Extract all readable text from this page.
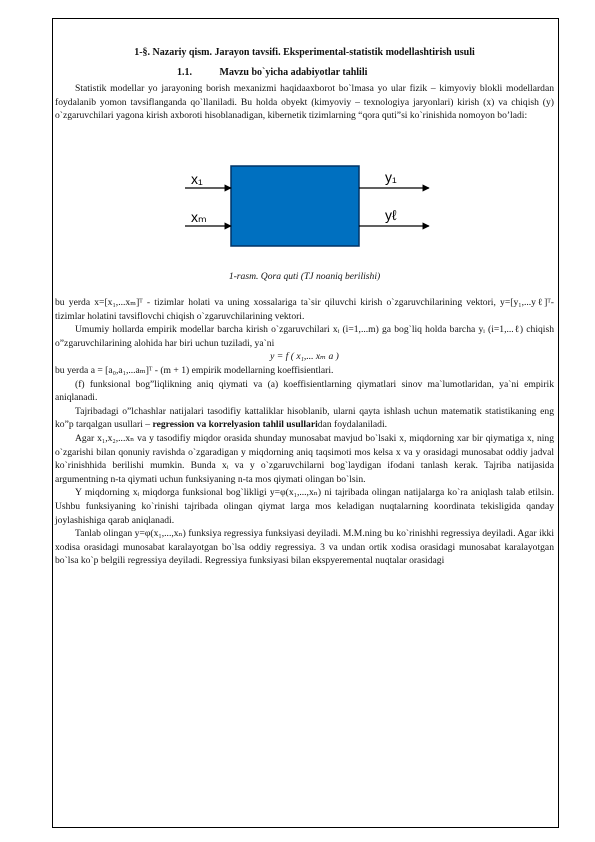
1-§. Nazariy qism. Jarayon tavsifi. Eksperimental-statistik modellashtirish usuli
1.1.	Mavzu bo`yicha adabiyotlar tahlili

Statistik modellar yo jarayoning borish mexanizmi haqidaaxborot bo`lmasa yo ular fizik – kimyoviy blokli modellardan foydalanib yomon tavsiflanganda qo`llaniladi. Bu holda obyekt (kimyoviy – texnologiya jaryonlari) kirish (x) va chiqish (y) o`zgaruvchilari yagona kirish axboroti hisoblanadigan, kibernetik tizimlarning “qora quti”si ko`rinishida nomoyon bo’ladi:

x₁
xₘ
y₁
yℓ
1-rasm. Qora quti (TJ noaniq berilishi)

bu yerda x=[x₁,...xₘ]ᵀ - tizimlar holati va uning xossalariga ta`sir qiluvchi kirish o`zgaruvchilarining vektori, y=[y₁,...yℓ]ᵀ- tizimlar holatini tavsiflovchi chiqish o`zgaruvchilarining vektori.

Umumiy hollarda empirik modellar barcha kirish o`zgaruvchilari xᵢ (i=1,...m) ga bog`liq holda barcha yᵢ (i=1,...ℓ) chiqish o”zgaruvchilarining alohida har biri uchun tuziladi, ya`ni

y = f ( x₁,... xₘ a )

bu yerda a = [a₀,a₁,...aₘ]ᵀ - (m + 1) empirik modellarning koeffisientlari.

(f) funksional bog”liqlikning aniq qiymati va (a) koeffisientlarning qiymatlari sinov ma`lumotlaridan, ya`ni empirik aniqlanadi.

Tajribadagi o”lchashlar natijalari tasodifiy kattaliklar hisoblanib, ularni qayta ishlash uchun matematik statistikaning eng ko”p tarqalgan usullari – regression va korrelyasion tahlil usullaridan foydalaniladi.

Agar x₁,x₂,...xₙ va y tasodifiy miqdor orasida shunday munosabat mavjud bo`lsaki x, miqdorning xar bir qiymatiga x, ning o`zgarishi bilan qonuniy ravishda o`zgaradigan y miqdorning aniq taqsimoti mos kelsa x va y orasidagi munosabat oddiy jadval ko`rinishhida berilishi mumkin. Bunda xᵢ va y o`zgaruvchilarni bog`laydigan ifodani tanlash kerak. Tajriba natijasida argumentning n-ta qiymati uchun funksiyaning n-ta mos qiymati olingan bo`lsin.

Y miqdorning xᵢ miqdorga funksional bog`likligi y=φ(x₁,...,xₙ) ni tajribada olingan natijalarga ko`ra aniqlash talab etilsin. Ushbu funksiyaning ko`rinishi tajribada olingan qiymat larga mos keladigan nuqtalarning koordinata tekisligida qanday joylashishiga qarab aniqlanadi.

Tanlab olingan y=φ(x₁,...,xₙ) funksiya regressiya funksiyasi deyiladi. M.M.ning bu ko`rinishhi regressiya deyiladi. Agar ikki xodisa orasidagi munosabat karalayotgan bo`lsa oddiy regressiya. 3 va undan ortik xodisa orasidagi munosabat karalayotgan bo`lsa ko`p belgili regressiya deyiladi. Regressiya funksiyasi bilan ekspyeremental nuqtalar orasidagi
